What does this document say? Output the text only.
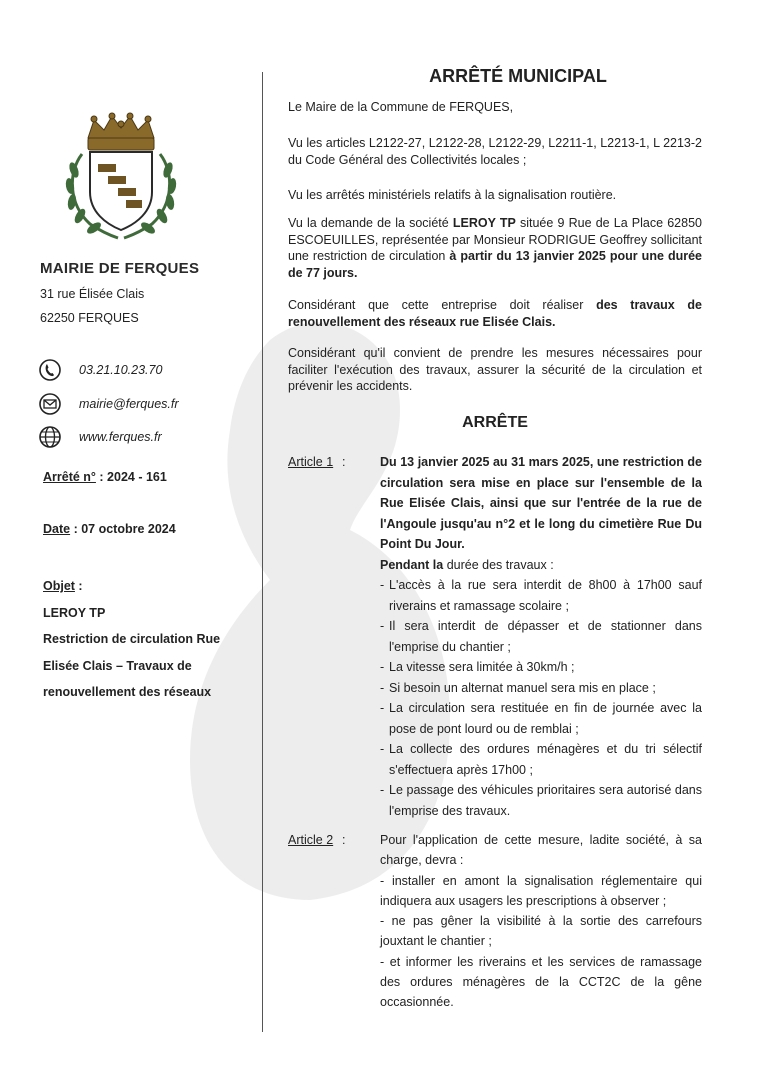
MAIRIE DE FERQUES
31 rue Élisée Clais
62250 FERQUES
03.21.10.23.70
mairie@ferques.fr
www.ferques.fr
Arrêté n° : 2024 - 161
Date : 07 octobre 2024
Objet :
LEROY TP
Restriction de circulation Rue Elisée Clais – Travaux de renouvellement des réseaux
ARRÊTÉ MUNICIPAL
Le Maire de la Commune de FERQUES,
Vu les articles L2122-27, L2122-28, L2122-29, L2211-1, L2213-1, L 2213-2 du Code Général des Collectivités locales ;
Vu les arrêtés ministériels relatifs à la signalisation routière.
Vu la demande de la société LEROY TP située 9 Rue de La Place 62850 ESCOEUILLES, représentée par Monsieur RODRIGUE Geoffrey sollicitant une restriction de circulation à partir du 13 janvier 2025 pour une durée de 77 jours.
Considérant que cette entreprise doit réaliser des travaux de renouvellement des réseaux rue Elisée Clais.
Considérant qu'il convient de prendre les mesures nécessaires pour faciliter l'exécution des travaux, assurer la sécurité de la circulation et prévenir les accidents.
ARRÊTE
Article 1 :	Du 13 janvier 2025 au 31 mars 2025, une restriction de circulation sera mise en place sur l'ensemble de la Rue Elisée Clais, ainsi que sur l'entrée de la rue de l'Angoule jusqu'au n°2 et le long du cimetière Rue Du Point Du Jour.
Pendant la durée des travaux :
- L'accès à la rue sera interdit de 8h00 à 17h00 sauf riverains et ramassage scolaire ;
- Il sera interdit de dépasser et de stationner dans l'emprise du chantier ;
- La vitesse sera limitée à 30km/h ;
- Si besoin un alternat manuel sera mis en place ;
- La circulation sera restituée en fin de journée avec la pose de pont lourd ou de remblai ;
- La collecte des ordures ménagères et du tri sélectif s'effectuera après 17h00 ;
- Le passage des véhicules prioritaires sera autorisé dans l'emprise des travaux.
Article 2 :	Pour l'application de cette mesure, ladite société, à sa charge, devra :
- installer en amont la signalisation réglementaire qui indiquera aux usagers les prescriptions à observer ;
- ne pas gêner la visibilité à la sortie des carrefours jouxtant le chantier ;
- et informer les riverains et les services de ramassage des ordures ménagères de la CCT2C de la gêne occasionnée.
